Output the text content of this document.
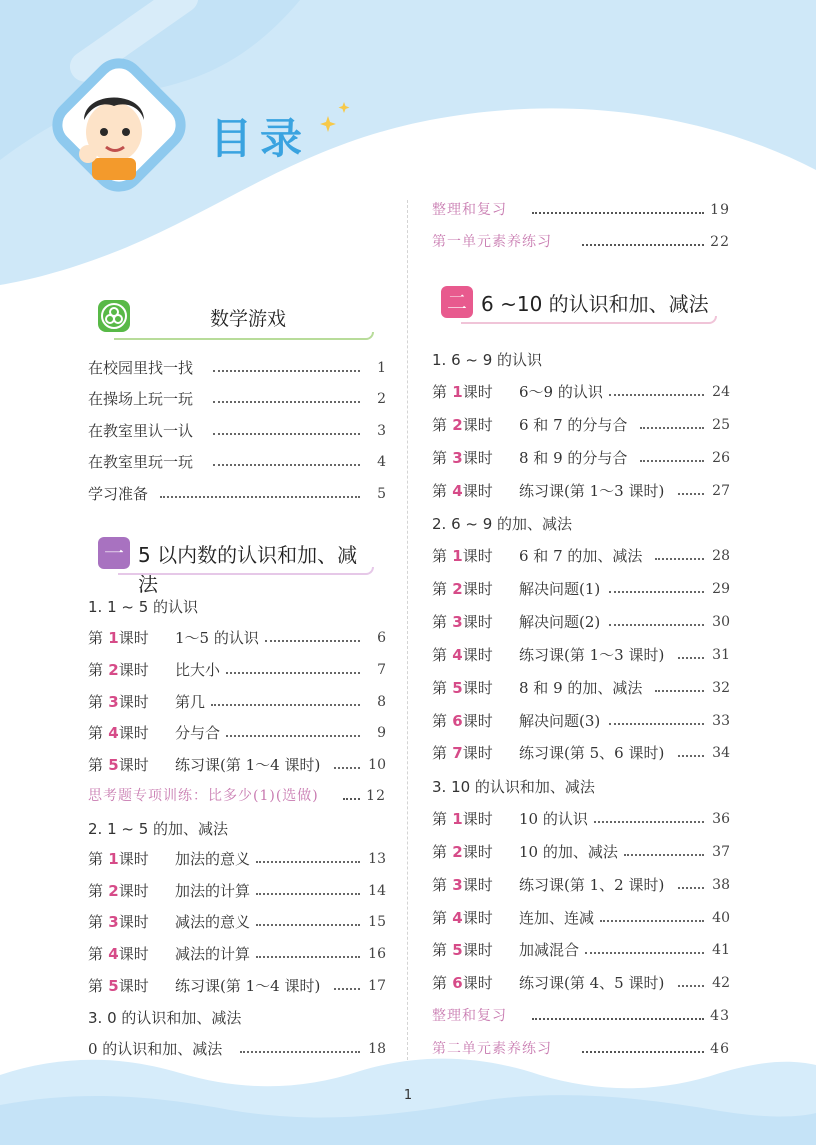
目录
数学游戏
一 5 以内数的认识和加、减法
二 6 ~10 的认识和加、减法
在校园里找一找	1
在操场上玩一玩	2
在教室里认一认	3
在教室里玩一玩	4
学习准备	5
1. 1 ~ 5 的认识
第 1课时 1～5 的认识	6
第 2课时 比大小	7
第 3课时 第几	8
第 4课时 分与合	9
第 5课时 练习课(第 1～4 课时)	10
思考题专项训练：比多少(1)(选做)	12
2. 1 ~ 5 的加、减法
第 1课时 加法的意义	13
第 2课时 加法的计算	14
第 3课时 减法的意义	15
第 4课时 减法的计算	16
第 5课时 练习课(第 1～4 课时)	17
3. 0 的认识和加、减法
0 的认识和加、减法	18
整理和复习	19
第一单元素养练习	22
1. 6 ~ 9 的认识
第 1课时 6～9 的认识	24
第 2课时 6 和 7 的分与合	25
第 3课时 8 和 9 的分与合	26
第 4课时 练习课(第 1～3 课时)	27
2. 6 ~ 9 的加、减法
第 1课时 6 和 7 的加、减法	28
第 2课时 解决问题(1)	29
第 3课时 解决问题(2)	30
第 4课时 练习课(第 1～3 课时)	31
第 5课时 8 和 9 的加、减法	32
第 6课时 解决问题(3)	33
第 7课时 练习课(第 5、6 课时)	34
3. 10 的认识和加、减法
第 1课时 10 的认识	36
第 2课时 10 的加、减法	37
第 3课时 练习课(第 1、2 课时)	38
第 4课时 连加、连减	40
第 5课时 加减混合	41
第 6课时 练习课(第 4、5 课时)	42
整理和复习	43
第二单元素养练习	46
1
